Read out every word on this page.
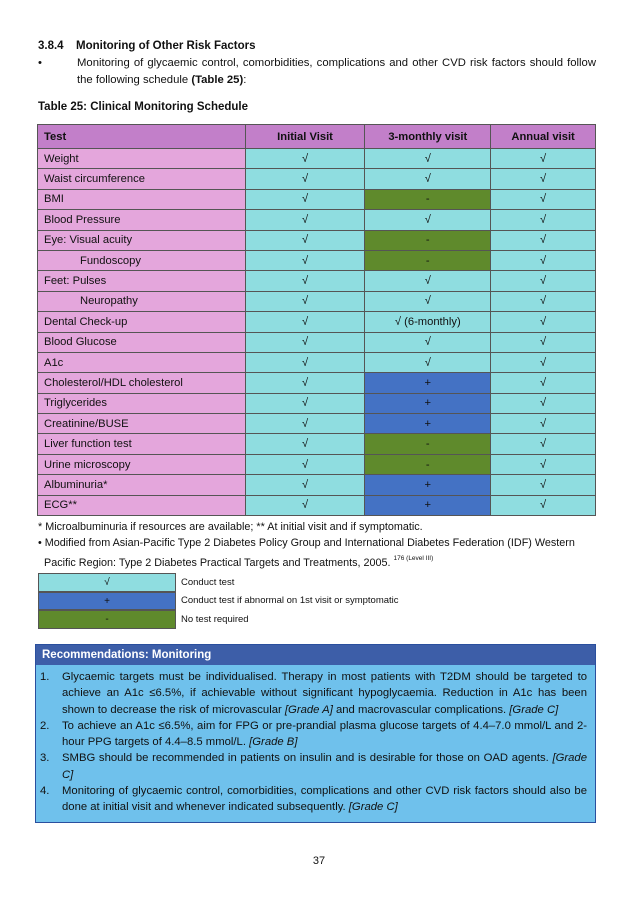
3.8.4 Monitoring of Other Risk Factors
•	Monitoring of glycaemic control, comorbidities, complications and other CVD risk factors should follow the following schedule (Table 25):
Table 25: Clinical Monitoring Schedule
Test	Initial Visit	3-monthly visit	Annual visit
Weight	√	√	√
Waist circumference	√	√	√
BMI	√	-	√
Blood Pressure	√	√	√
Eye: Visual acuity	√	-	√
Fundoscopy	√	-	√
Feet: Pulses	√	√	√
Neuropathy	√	√	√
Dental Check-up	√	√ (6-monthly)	√
Blood Glucose	√	√	√
A1c	√	√	√
Cholesterol/HDL cholesterol	√	+	√
Triglycerides	√	+	√
Creatinine/BUSE	√	+	√
Liver function test	√	-	√
Urine microscopy	√	-	√
Albuminuria*	√	+	√
ECG**	√	+	√
* Microalbuminuria if resources are available; ** At initial visit and if symptomatic.
• Modified from Asian-Pacific Type 2 Diabetes Policy Group and International Diabetes Federation (IDF) Western
Pacific Region: Type 2 Diabetes Practical Targets and Treatments, 2005. $^{176 (Level III)}$
√	Conduct test
+	Conduct test if abnormal on 1st visit or symptomatic
-	No test required
Recommendations: Monitoring
1.	Glycaemic targets must be individualised. Therapy in most patients with T2DM should be targeted to achieve an A1c ≤6.5%, if achievable without significant hypoglycaemia. Reduction in A1c has been shown to decrease the risk of microvascular [Grade A] and macrovascular complications. [Grade C]
2.	To achieve an A1c ≤6.5%, aim for FPG or pre-prandial plasma glucose targets of 4.4–7.0 mmol/L and 2-hour PPG targets of 4.4–8.5 mmol/L. [Grade B]
3.	SMBG should be recommended in patients on insulin and is desirable for those on OAD agents. [Grade C]
4.	Monitoring of glycaemic control, comorbidities, complications and other CVD risk factors should also be done at initial visit and whenever indicated subsequently. [Grade C]
37
